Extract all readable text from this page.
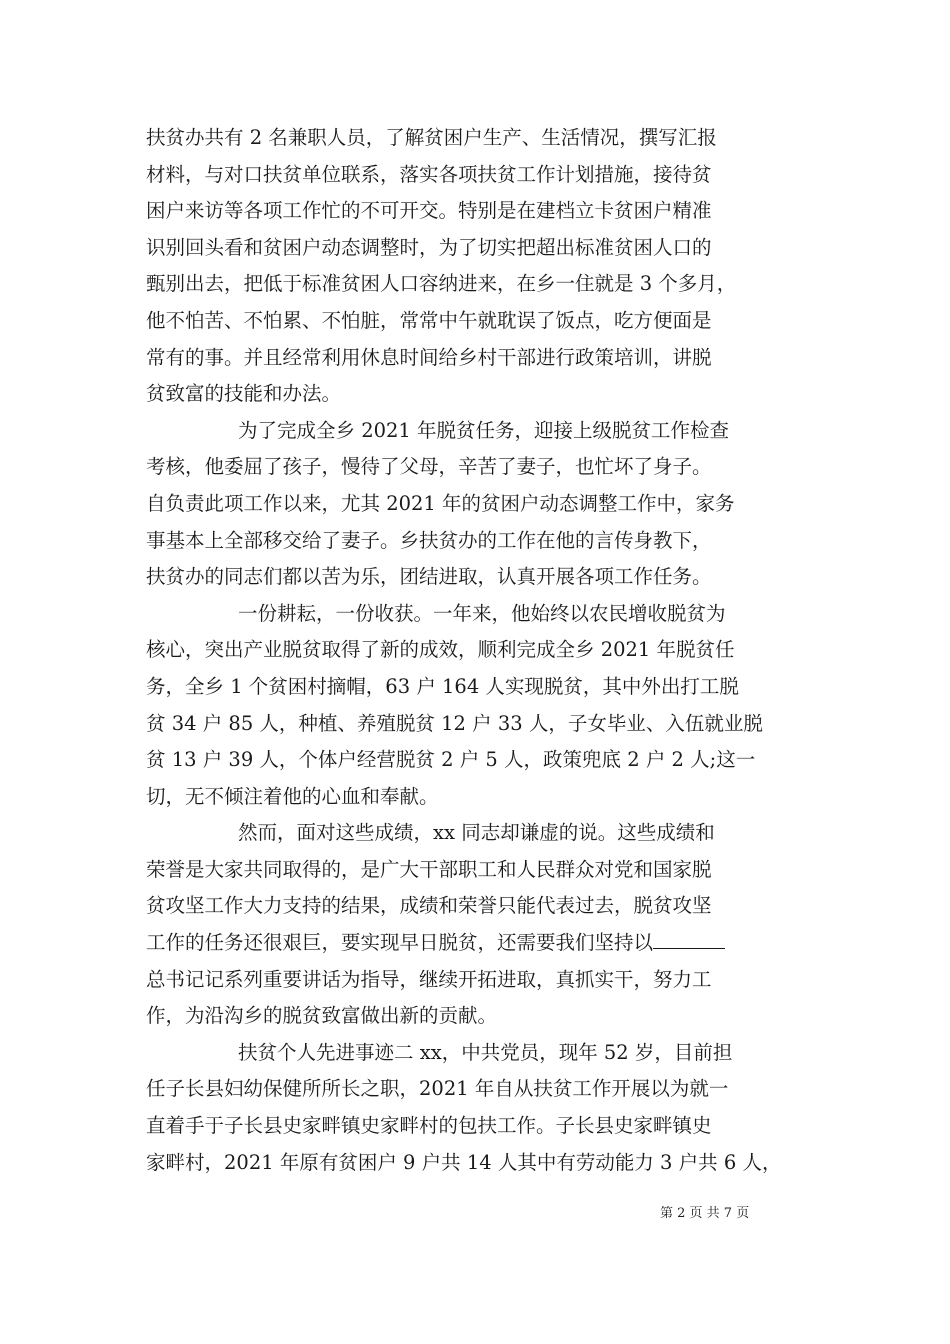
扶贫办共有 2 名兼职人员，了解贫困户生产、生活情况，撰写汇报
材料，与对口扶贫单位联系，落实各项扶贫工作计划措施，接待贫
困户来访等各项工作忙的不可开交。特别是在建档立卡贫困户精准
识别回头看和贫困户动态调整时，为了切实把超出标准贫困人口的
甄别出去，把低于标准贫困人口容纳进来，在乡一住就是 3 个多月，
他不怕苦、不怕累、不怕脏，常常中午就耽误了饭点，吃方便面是
常有的事。并且经常利用休息时间给乡村干部进行政策培训，讲脱
贫致富的技能和办法。
为了完成全乡 2021 年脱贫任务，迎接上级脱贫工作检查
考核，他委屈了孩子，慢待了父母，辛苦了妻子，也忙坏了身子。
自负责此项工作以来，尤其 2021 年的贫困户动态调整工作中，家务
事基本上全部移交给了妻子。乡扶贫办的工作在他的言传身教下，
扶贫办的同志们都以苦为乐，团结进取，认真开展各项工作任务。
一份耕耘，一份收获。一年来，他始终以农民增收脱贫为
核心，突出产业脱贫取得了新的成效，顺利完成全乡 2021 年脱贫任
务，全乡 1 个贫困村摘帽，63 户 164 人实现脱贫，其中外出打工脱
贫 34 户 85 人，种植、养殖脱贫 12 户 33 人，子女毕业、入伍就业脱
贫 13 户 39 人，个体户经营脱贫 2 户 5 人，政策兜底 2 户 2 人;这一
切，无不倾注着他的心血和奉献。
然而，面对这些成绩，xx 同志却谦虚的说。这些成绩和
荣誉是大家共同取得的，是广大干部职工和人民群众对党和国家脱
贫攻坚工作大力支持的结果，成绩和荣誉只能代表过去，脱贫攻坚
工作的任务还很艰巨，要实现早日脱贫，还需要我们坚持以
总书记记系列重要讲话为指导，继续开拓进取，真抓实干，努力工
作，为沿沟乡的脱贫致富做出新的贡献。
扶贫个人先进事迹二 xx，中共党员，现年 52 岁，目前担
任子长县妇幼保健所所长之职，2021 年自从扶贫工作开展以为就一
直着手于子长县史家畔镇史家畔村的包扶工作。子长县史家畔镇史
家畔村，2021 年原有贫困户 9 户共 14 人其中有劳动能力 3 户共 6 人，
第 2 页 共 7 页
